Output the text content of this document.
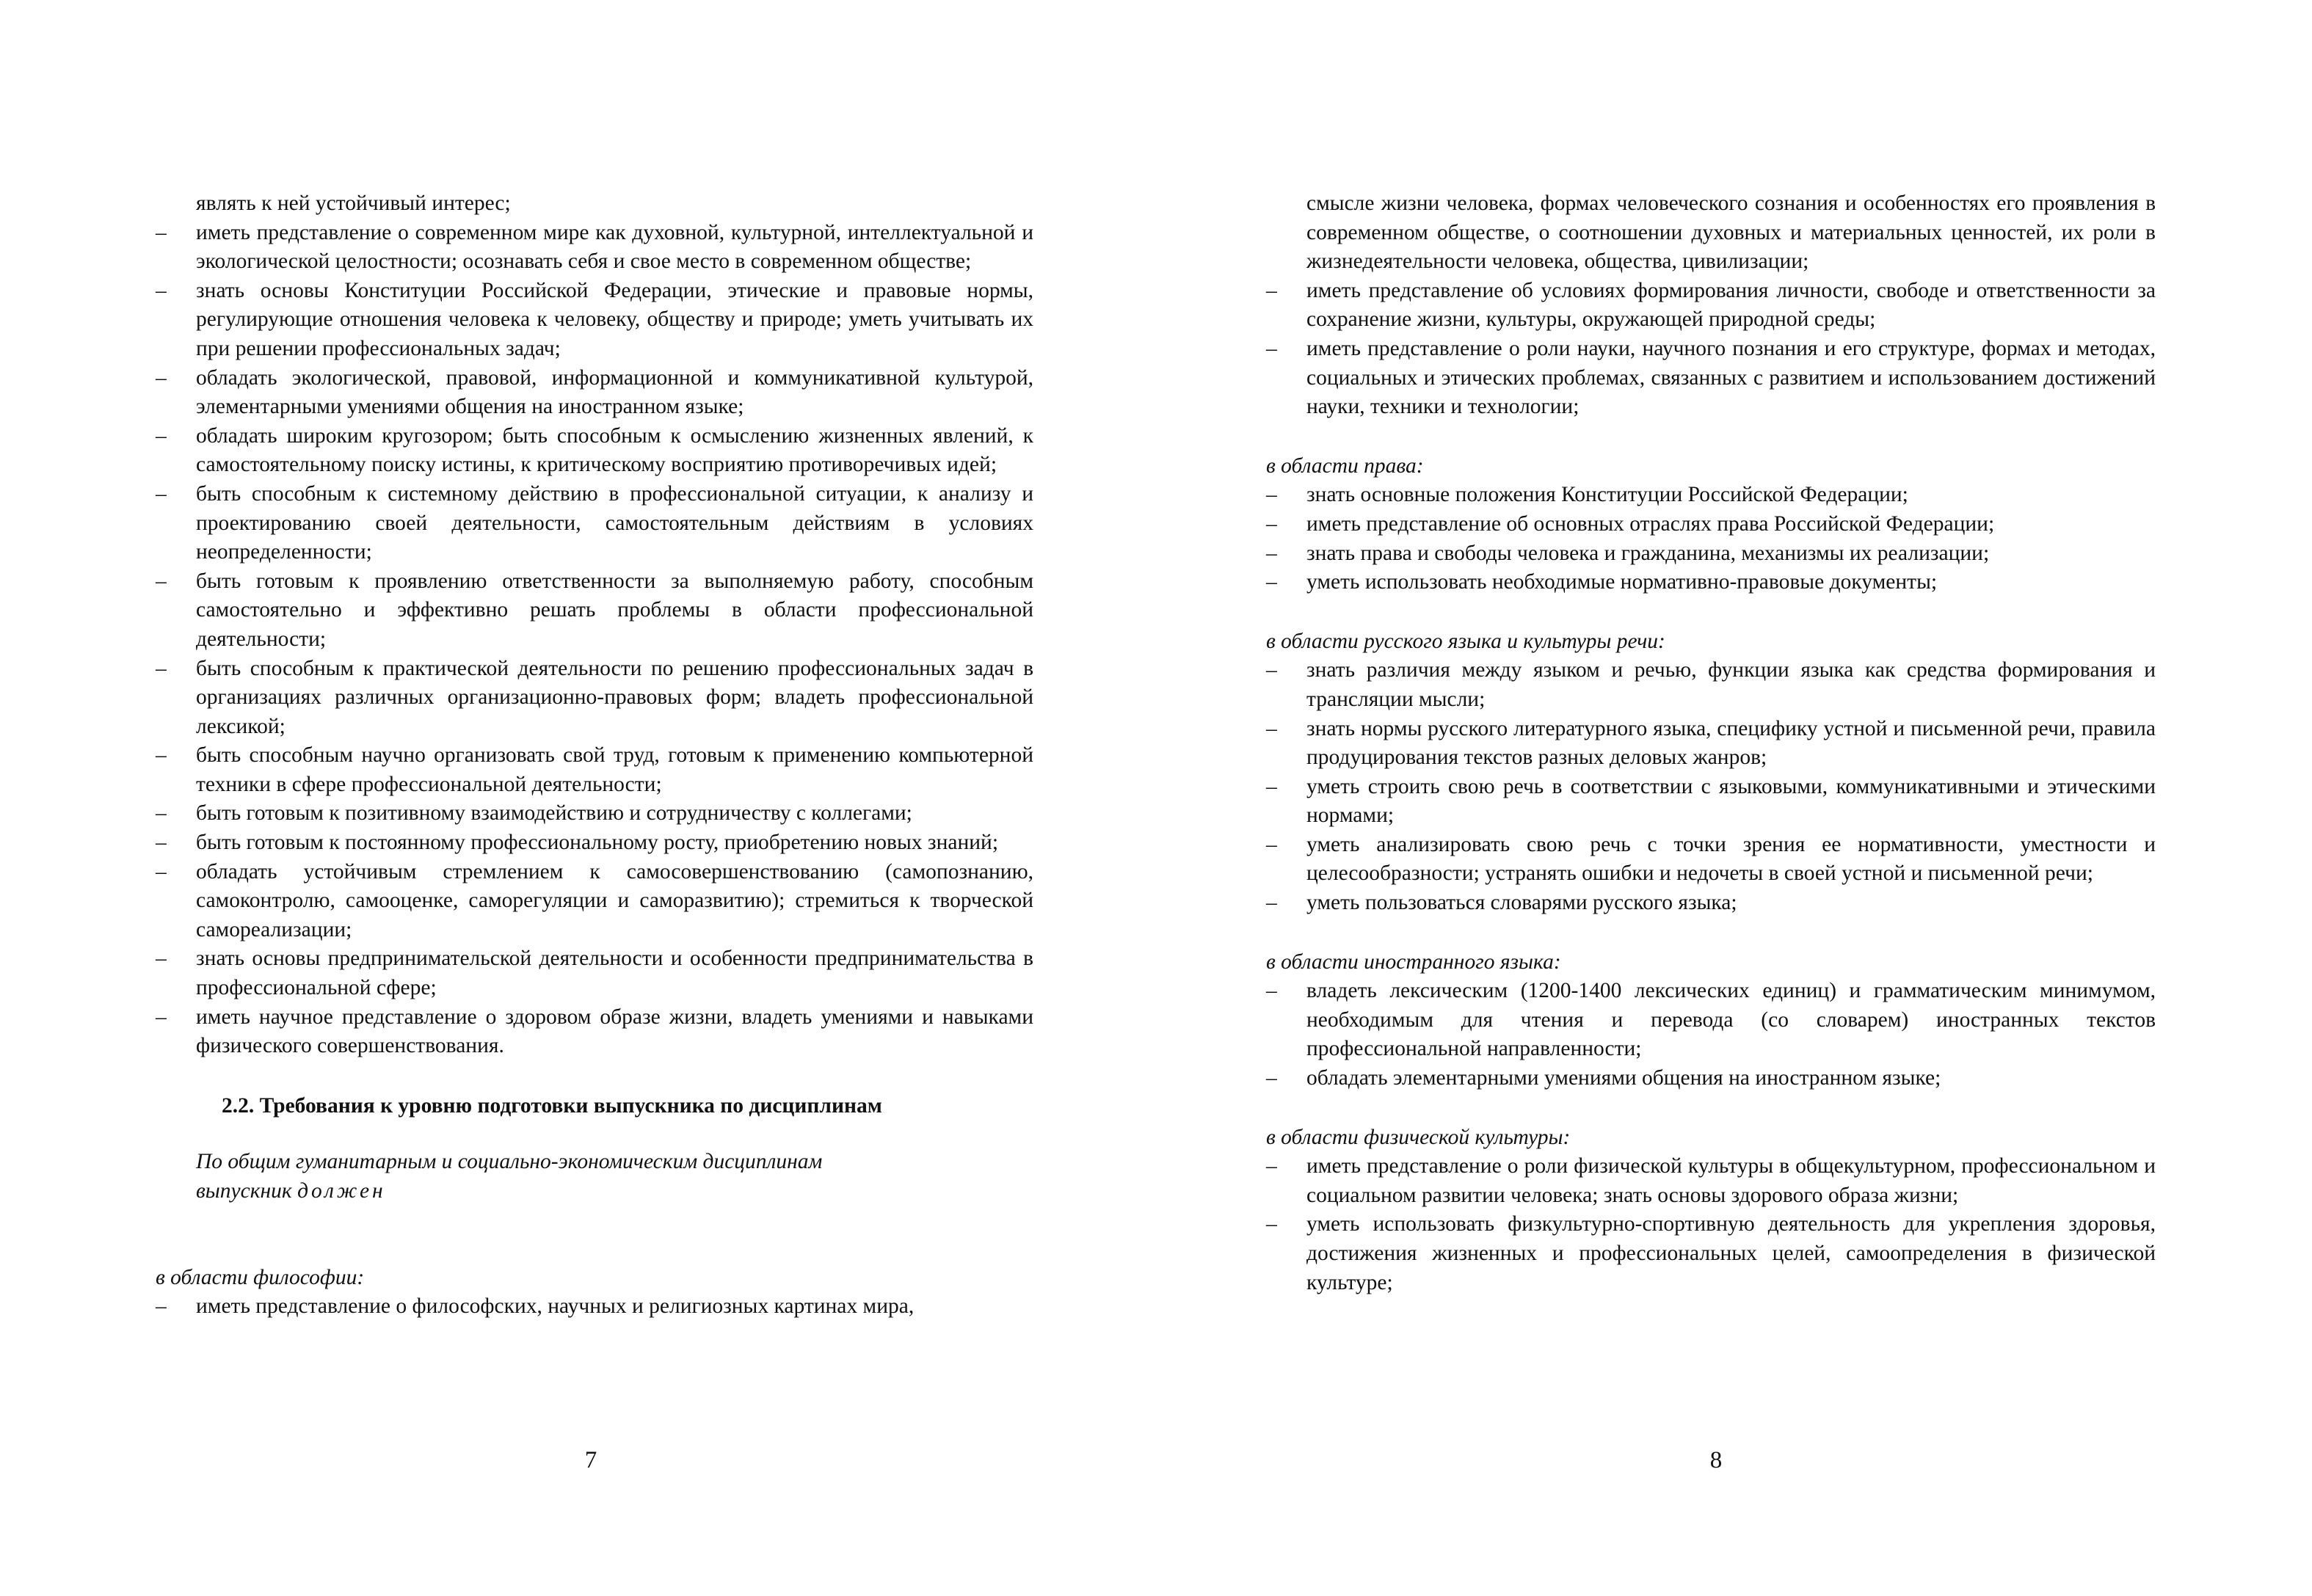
являть к ней устойчивый интерес;
– иметь представление о современном мире как духовной, культурной, интеллектуальной и экологической целостности; осознавать себя и свое место в современном обществе;
– знать основы Конституции Российской Федерации, этические и правовые нормы, регулирующие отношения человека к человеку, обществу и природе; уметь учитывать их при решении профессиональных задач;
– обладать экологической, правовой, информационной и коммуникативной культурой, элементарными умениями общения на иностранном языке;
– обладать широким кругозором; быть способным к осмыслению жизненных явлений, к самостоятельному поиску истины, к критическому восприятию противоречивых идей;
– быть способным к системному действию в профессиональной ситуации, к анализу и проектированию своей деятельности, самостоятельным действиям в условиях неопределенности;
– быть готовым к проявлению ответственности за выполняемую работу, способным самостоятельно и эффективно решать проблемы в области профессиональной деятельности;
– быть способным к практической деятельности по решению профессиональных задач в организациях различных организационно-правовых форм; владеть профессиональной лексикой;
– быть способным научно организовать свой труд, готовым к применению компьютерной техники в сфере профессиональной деятельности;
– быть готовым к позитивному взаимодействию и сотрудничеству с коллегами;
– быть готовым к постоянному профессиональному росту, приобретению новых знаний;
– обладать устойчивым стремлением к самосовершенствованию (самопознанию, самоконтролю, самооценке, саморегуляции и саморазвитию); стремиться к творческой самореализации;
– знать основы предпринимательской деятельности и особенности предпринимательства в профессиональной сфере;
– иметь научное представление о здоровом образе жизни, владеть умениями и навыками физического совершенствования.
2.2. Требования к уровню подготовки выпускника по дисциплинам
По общим гуманитарным и социально-экономическим дисциплинам
выпускник должен
в области философии:
– иметь представление о философских, научных и религиозных картинах мира,
7
смысле жизни человека, формах человеческого сознания и особенностях его проявления в современном обществе, о соотношении духовных и материальных ценностей, их роли в жизнедеятельности человека, общества, цивилизации;
– иметь представление об условиях формирования личности, свободе и ответственности за сохранение жизни, культуры, окружающей природной среды;
– иметь представление о роли науки, научного познания и его структуре, формах и методах, социальных и этических проблемах, связанных с развитием и использованием достижений науки, техники и технологии;
в области права:
– знать основные положения Конституции Российской Федерации;
– иметь представление об основных отраслях права Российской Федерации;
– знать права и свободы человека и гражданина, механизмы их реализации;
– уметь использовать необходимые нормативно-правовые документы;
в области русского языка и культуры речи:
– знать различия между языком и речью, функции языка как средства формирования и трансляции мысли;
– знать нормы русского литературного языка, специфику устной и письменной речи, правила продуцирования текстов разных деловых жанров;
– уметь строить свою речь в соответствии с языковыми, коммуникативными и этическими нормами;
– уметь анализировать свою речь с точки зрения ее нормативности, уместности и целесообразности; устранять ошибки и недочеты в своей устной и письменной речи;
– уметь пользоваться словарями русского языка;
в области иностранного языка:
– владеть лексическим (1200-1400 лексических единиц) и грамматическим минимумом, необходимым для чтения и перевода (со словарем) иностранных текстов профессиональной направленности;
– обладать элементарными умениями общения на иностранном языке;
в области физической культуры:
– иметь представление о роли физической культуры в общекультурном, профессиональном и социальном развитии человека; знать основы здорового образа жизни;
– уметь использовать физкультурно-спортивную деятельность для укрепления здоровья, достижения жизненных и профессиональных целей, самоопределения в физической культуре;
8
